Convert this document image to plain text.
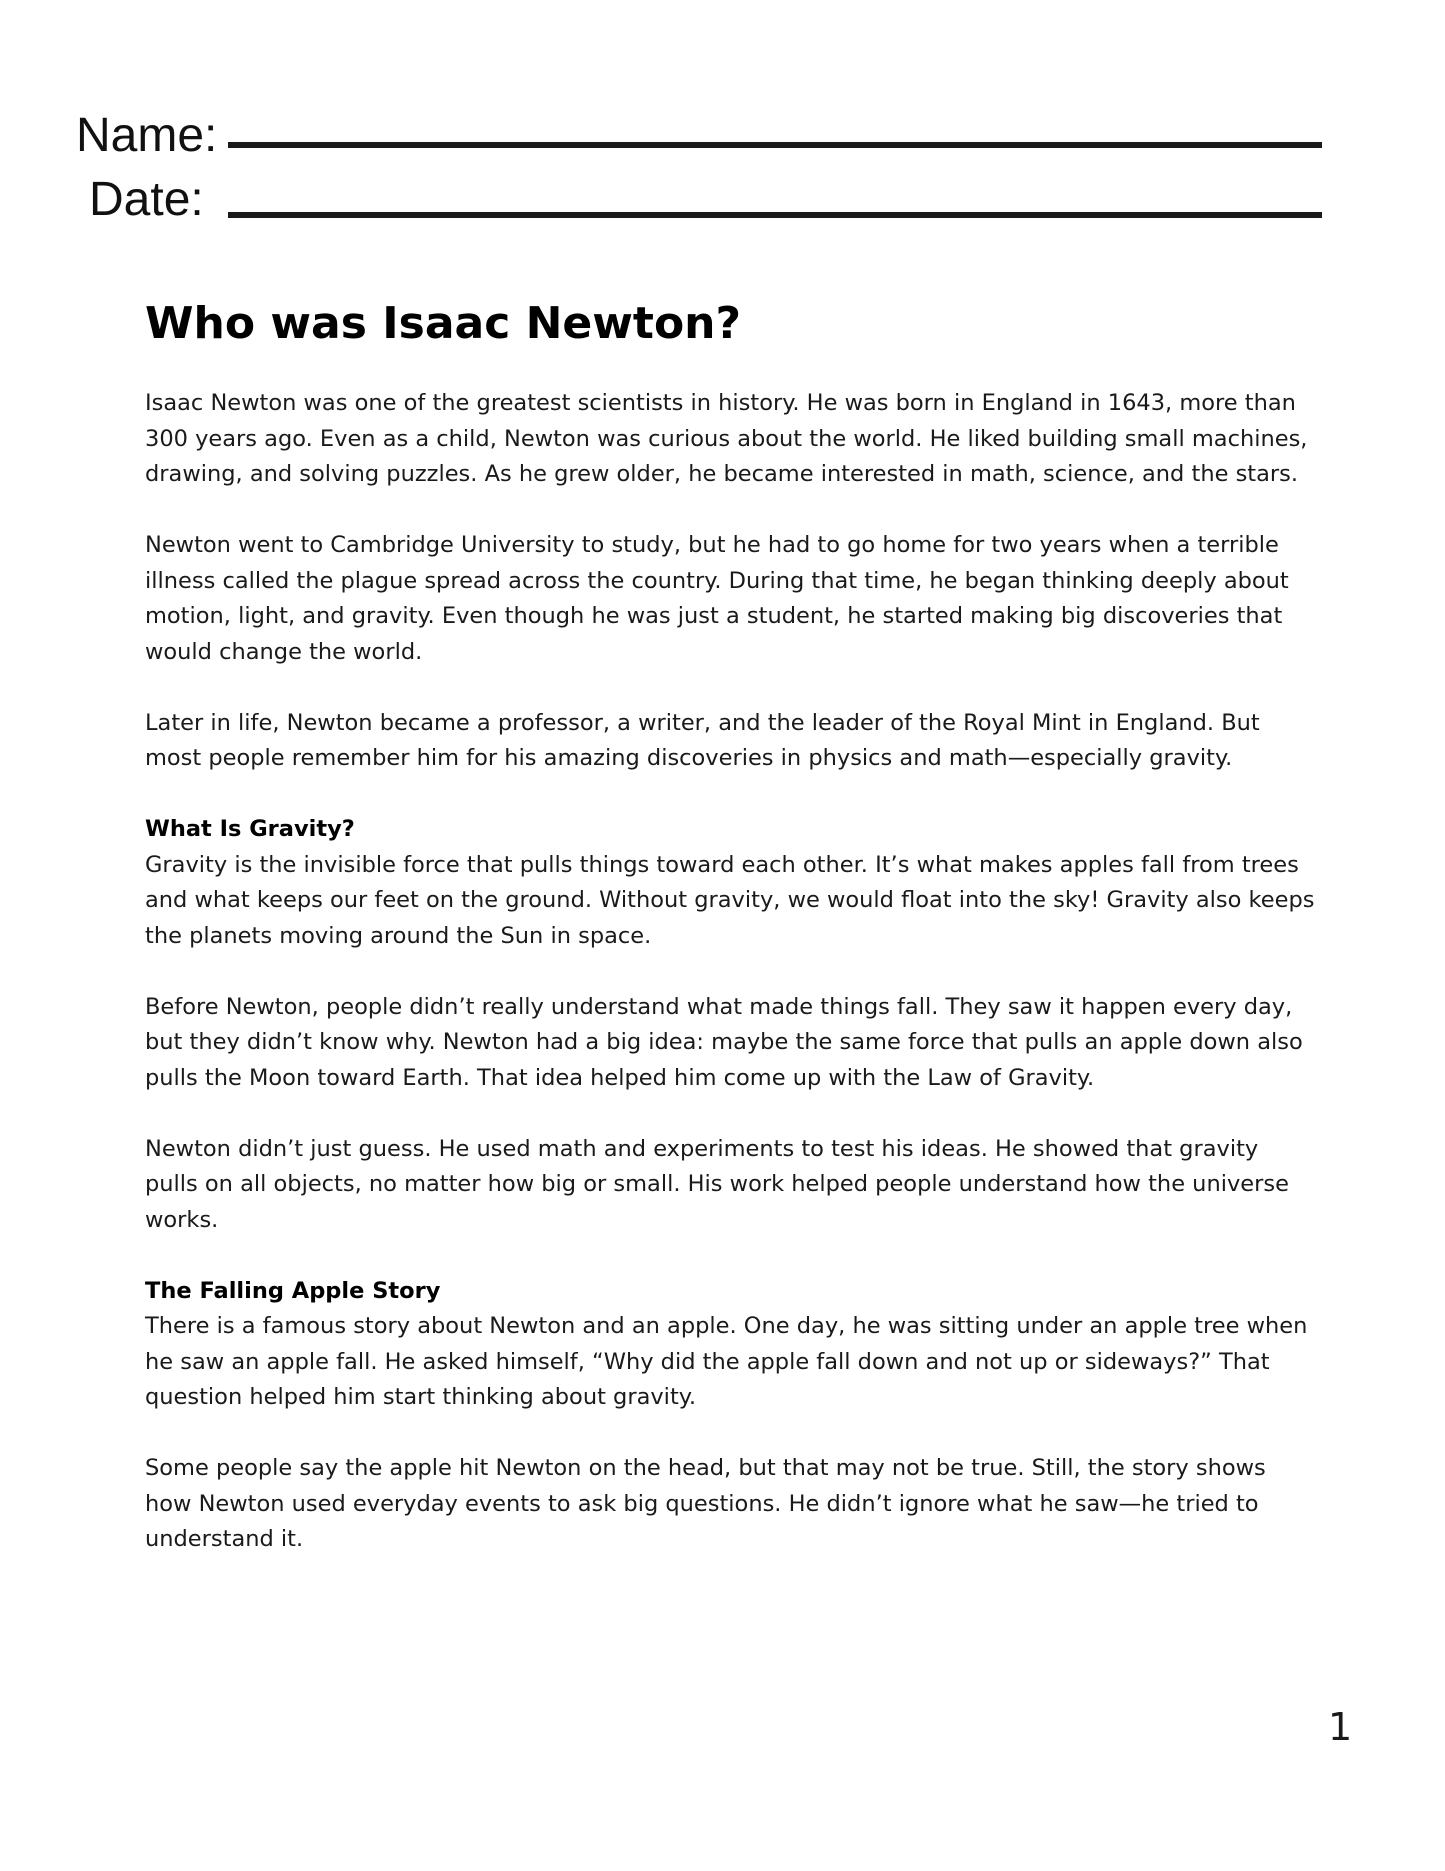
Name:
Date:
Who was Isaac Newton?

Isaac Newton was one of the greatest scientists in history. He was born in England in 1643, more than 300 years ago. Even as a child, Newton was curious about the world. He liked building small machines, drawing, and solving puzzles. As he grew older, he became interested in math, science, and the stars.

Newton went to Cambridge University to study, but he had to go home for two years when a terrible illness called the plague spread across the country. During that time, he began thinking deeply about motion, light, and gravity. Even though he was just a student, he started making big discoveries that would change the world.

Later in life, Newton became a professor, a writer, and the leader of the Royal Mint in England. But most people remember him for his amazing discoveries in physics and math—especially gravity.

What Is Gravity?

Gravity is the invisible force that pulls things toward each other. It’s what makes apples fall from trees and what keeps our feet on the ground. Without gravity, we would float into the sky! Gravity also keeps the planets moving around the Sun in space.

Before Newton, people didn’t really understand what made things fall. They saw it happen every day, but they didn’t know why. Newton had a big idea: maybe the same force that pulls an apple down also pulls the Moon toward Earth. That idea helped him come up with the Law of Gravity.

Newton didn’t just guess. He used math and experiments to test his ideas. He showed that gravity pulls on all objects, no matter how big or small. His work helped people understand how the universe works.

The Falling Apple Story

There is a famous story about Newton and an apple. One day, he was sitting under an apple tree when he saw an apple fall. He asked himself, “Why did the apple fall down and not up or sideways?” That question helped him start thinking about gravity.

Some people say the apple hit Newton on the head, but that may not be true. Still, the story shows how Newton used everyday events to ask big questions. He didn’t ignore what he saw—he tried to understand it.

1
